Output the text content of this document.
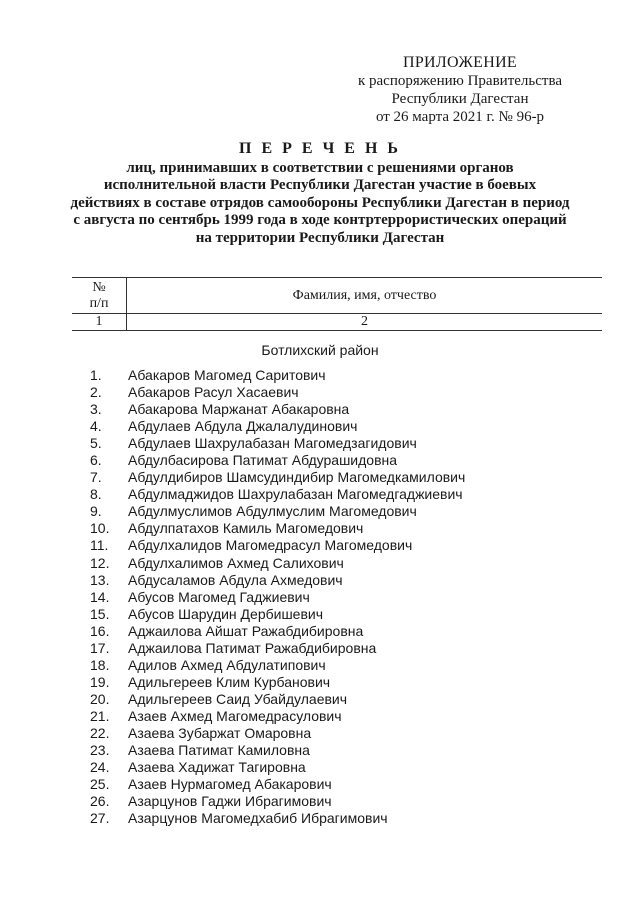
ПРИЛОЖЕНИЕ
к распоряжению Правительства
Республики Дагестан
от 26 марта 2021 г. № 96-р
П Е Р Е Ч Е Н Ь
лиц, принимавших в соответствии с решениями органов
исполнительной власти Республики Дагестан участие в боевых
действиях в составе отрядов самообороны Республики Дагестан в период
с августа по сентябрь 1999 года в ходе контртеррористических операций
на территории Республики Дагестан
№
п/п	Фамилия, имя, отчество
1	2
Ботлихский район
1. Абакаров Магомед Саритович
2. Абакаров Расул Хасаевич
3. Абакарова Маржанат Абакаровна
4. Абдулаев Абдула Джалалудинович
5. Абдулаев Шахрулабазан Магомедзагидович
6. Абдулбасирова Патимат Абдурашидовна
7. Абдулдибиров Шамсудиндибир Магомедкамилович
8. Абдулмаджидов Шахрулабазан Магомедгаджиевич
9. Абдулмуслимов Абдулмуслим Магомедович
10. Абдулпатахов Камиль Магомедович
11. Абдулхалидов Магомедрасул Магомедович
12. Абдулхалимов Ахмед Салихович
13. Абдусаламов Абдула Ахмедович
14. Абусов Магомед Гаджиевич
15. Абусов Шарудин Дербишевич
16. Аджаилова Айшат Ражабдибировна
17. Аджаилова Патимат Ражабдибировна
18. Адилов Ахмед Абдулатипович
19. Адильгереев Клим Курбанович
20. Адильгереев Саид Убайдулаевич
21. Азаев Ахмед Магомедрасулович
22. Азаева Зубаржат Омаровна
23. Азаева Патимат Камиловна
24. Азаева Хадижат Тагировна
25. Азаев Нурмагомед Абакарович
26. Азарцунов Гаджи Ибрагимович
27. Азарцунов Магомедхабиб Ибрагимович
